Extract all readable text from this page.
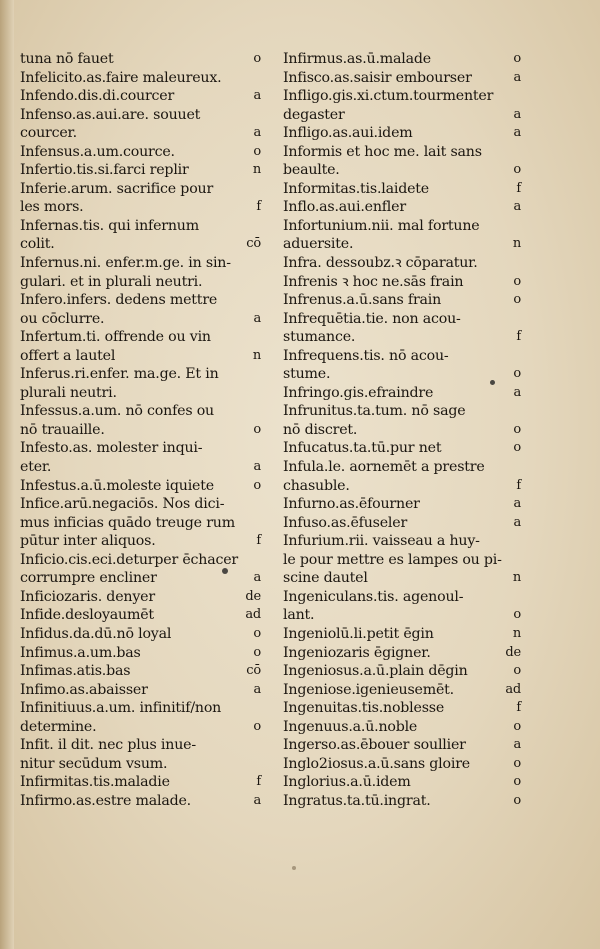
tuna nō fauet	o
Infelicito.as.faire maleureux.
Infendo.dis.di.courcer	a
Infenso.as.aui.are. souuet
courcer.	a
Infensus.a.um.cource.	o
Infertio.tis.si.farci replir	n
Inferie.arum. sacrifice pour
les mors.	f
Infernas.tis. qui infernum
colit.	cō
Infernus.ni. enfer.m.ge. in sin-
gulari. et in plurali neutri.
Infero.infers. dedens mettre
ou cōclurre.	a
Infertum.ti. offrende ou vin
offert a lautel	n
Inferus.ri.enfer. ma.ge. Et in
plurali neutri.
Infessus.a.um. nō confes ou
nō trauaille.	o
Infesto.as. molester inqui-
eter.	a
Infestus.a.ū.moleste iquiete	o
Infice.arū.negaciōs. Nos dici-
mus inficias quādo treuge rum
pūtur inter aliquos.	f
Inficio.cis.eci.deturper ēchacer
corrumpre encliner	a
Inficiozaris. denyer	de
Infide.desloyaumēt	ad
Infidus.da.dū.nō loyal	o
Infimus.a.um.bas	o
Infimas.atis.bas	cō
Infimo.as.abaisser	a
Infinitiuus.a.um. infinitif/non
determine.	o
Infit. il dit. nec plus inue-
nitur secūdum vsum.
Infirmitas.tis.maladie	f
Infirmo.as.estre malade.	a
Infirmus.as.ū.malade	o
Infisco.as.saisir embourser	a
Infligo.gis.xi.ctum.tourmenter
degaster	a
Infligo.as.aui.idem	a
Informis et hoc me. lait sans
beaulte.	o
Informitas.tis.laidete	f
Inflo.as.aui.enfler	a
Infortunium.nii. mal fortune
aduersite.	n
Infra. dessoubz.ꝛ cōparatur.
Infrenis ꝛ hoc ne.sās frain	o
Infrenus.a.ū.sans frain	o
Infrequētia.tie. non acou-
stumance.	f
Infrequens.tis. nō acou-
stume.	o
Infringo.gis.efraindre	a
Infrunitus.ta.tum. nō sage
nō discret.	o
Infucatus.ta.tū.pur net	o
Infula.le. aornemēt a prestre
chasuble.	f
Infurno.as.ēfourner	a
Infuso.as.ēfuseler	a
Infurium.rii. vaisseau a huy-
le pour mettre es lampes ou pi-
scine dautel	n
Ingeniculans.tis. agenoul-
lant.	o
Ingeniolū.li.petit ēgin	n
Ingeniozaris ēgigner.	de
Ingeniosus.a.ū.plain dēgin	o
Ingeniose.igenieusemēt.	ad
Ingenuitas.tis.noblesse	f
Ingenuus.a.ū.noble	o
Ingerso.as.ēbouer soullier	a
Inglo2iosus.a.ū.sans gloire	o
Inglorius.a.ū.idem	o
Ingratus.ta.tū.ingrat.	o
